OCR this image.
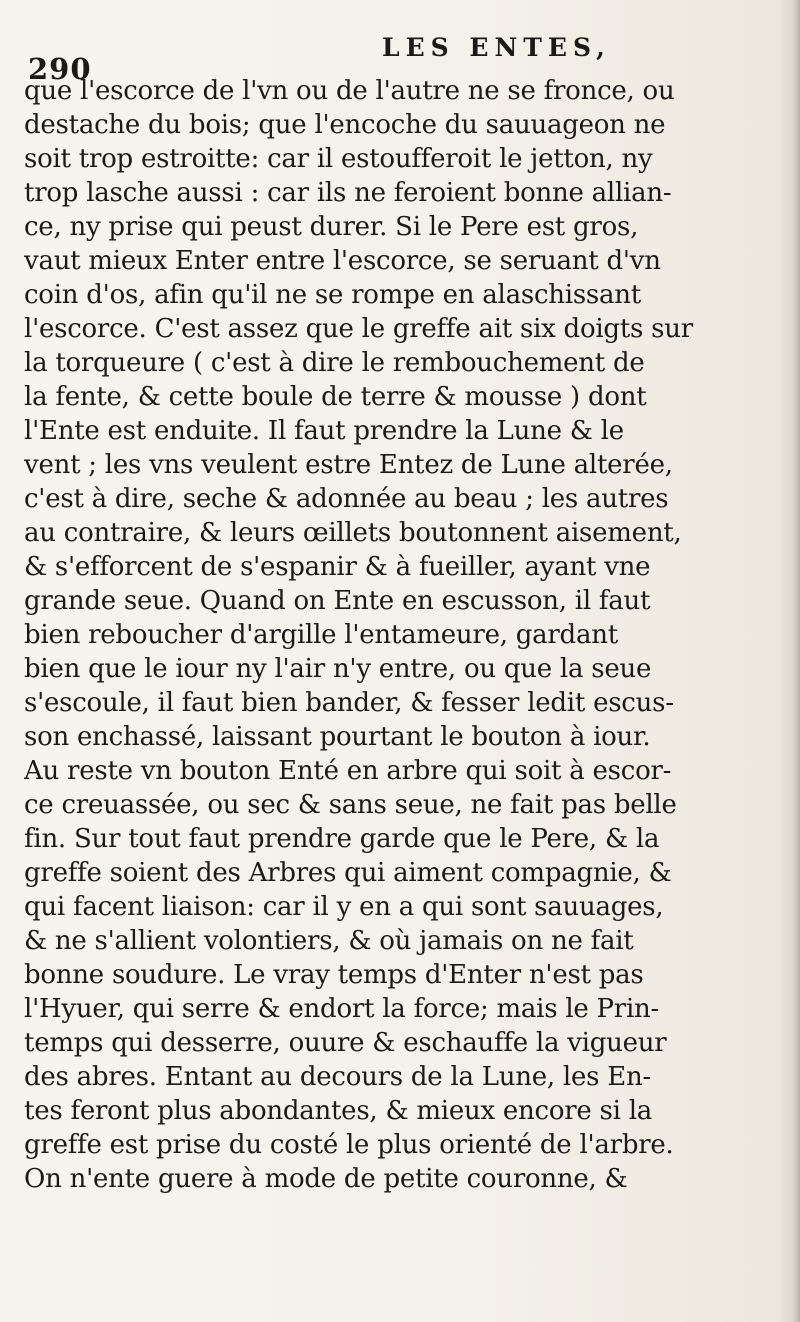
290
LES ENTES,
que l'escorce de l'vn ou de l'autre ne se fronce, ou
destache du bois; que l'encoche du sauuageon ne
soit trop estroitte: car il estoufferoit le jetton, ny
trop lasche aussi : car ils ne feroient bonne allian-
ce, ny prise qui peust durer. Si le Pere est gros,
vaut mieux Enter entre l'escorce, se seruant d'vn
coin d'os, afin qu'il ne se rompe en alaschissant
l'escorce. C'est assez que le greffe ait six doigts sur
la torqueure ( c'est à dire le rembouchement de
la fente, & cette boule de terre & mousse ) dont
l'Ente est enduite. Il faut prendre la Lune & le
vent ; les vns veulent estre Entez de Lune alterée,
c'est à dire, seche & adonnée au beau ; les autres
au contraire, & leurs œillets boutonnent aisement,
& s'efforcent de s'espanir & à fueiller, ayant vne
grande seue. Quand on Ente en escusson, il faut
bien reboucher d'argille l'entameure, gardant
bien que le iour ny l'air n'y entre, ou que la seue
s'escoule, il faut bien bander, & fesser ledit escus-
son enchassé, laissant pourtant le bouton à iour.
Au reste vn bouton Enté en arbre qui soit à escor-
ce creuassée, ou sec & sans seue, ne fait pas belle
fin. Sur tout faut prendre garde que le Pere, & la
greffe soient des Arbres qui aiment compagnie, &
qui facent liaison: car il y en a qui sont sauuages,
& ne s'allient volontiers, & où jamais on ne fait
bonne soudure. Le vray temps d'Enter n'est pas
l'Hyuer, qui serre & endort la force; mais le Prin-
temps qui desserre, ouure & eschauffe la vigueur
des abres. Entant au decours de la Lune, les En-
tes feront plus abondantes, & mieux encore si la
greffe est prise du costé le plus orienté de l'arbre.
On n'ente guere à mode de petite couronne, &
